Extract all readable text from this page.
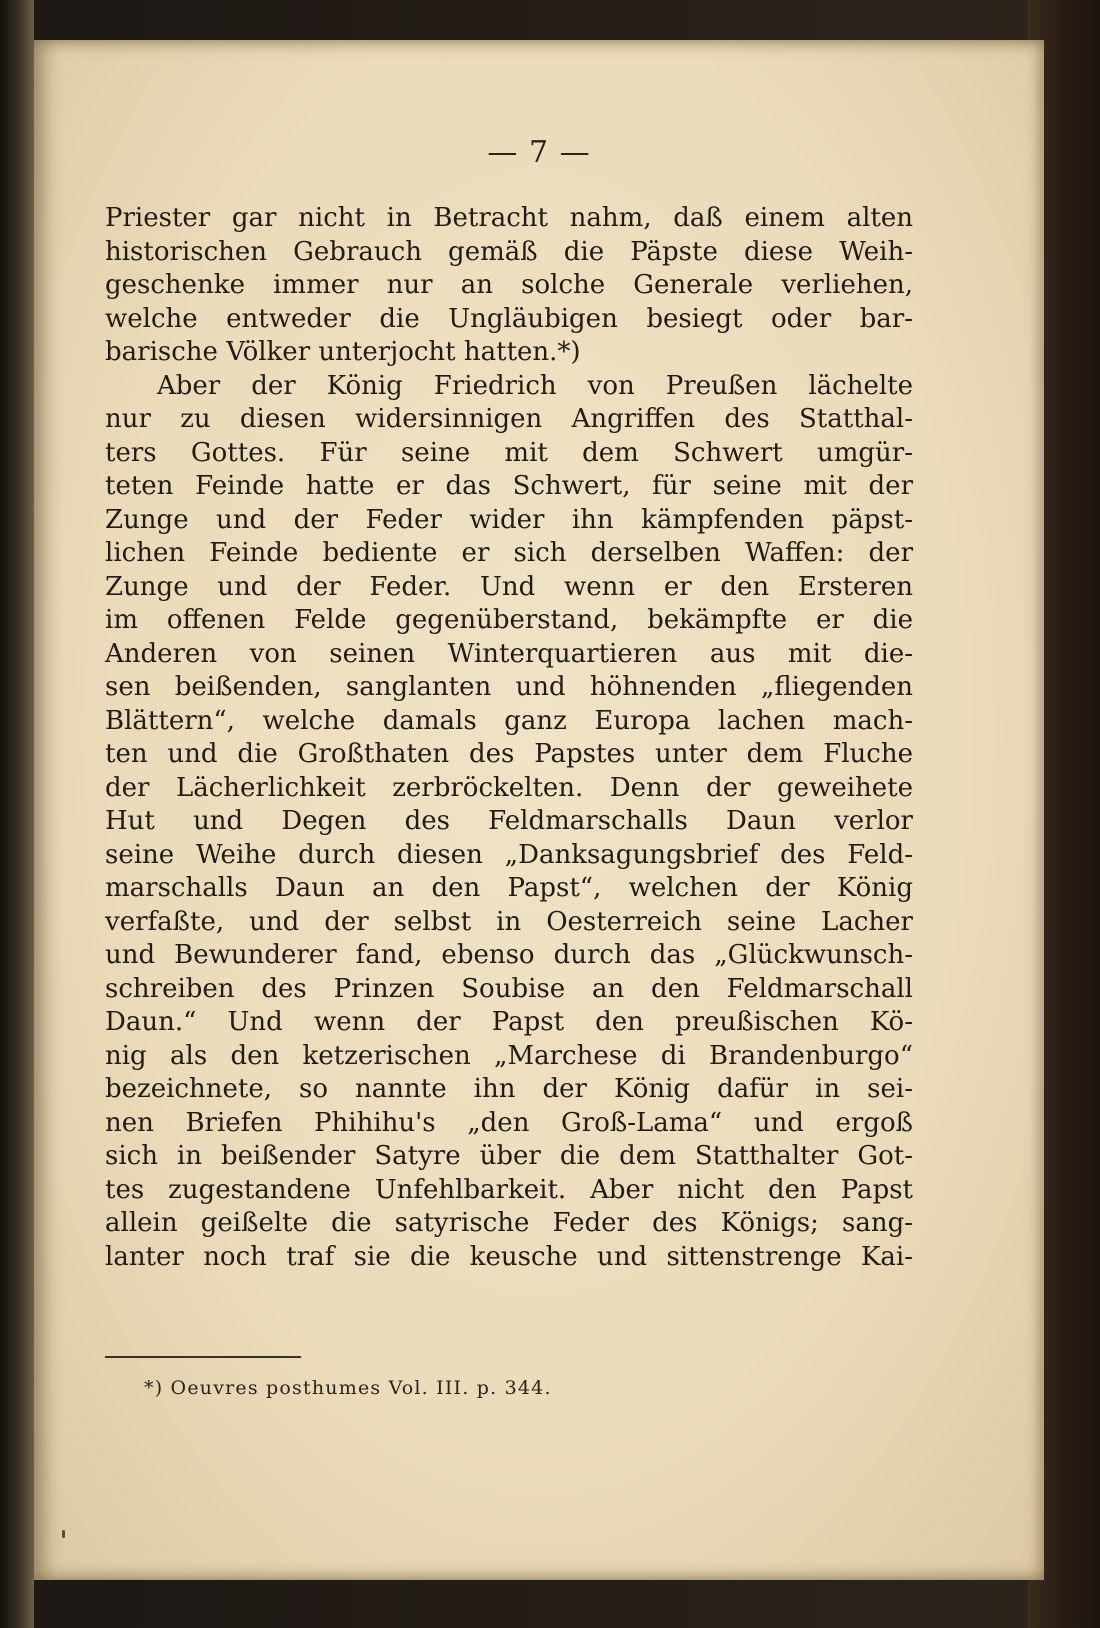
— 7 —
Priester gar nicht in Betracht nahm, daß einem alten
historischen Gebrauch gemäß die Päpste diese Weih-
geschenke immer nur an solche Generale verliehen,
welche entweder die Ungläubigen besiegt oder bar-
barische Völker unterjocht hatten.*)
Aber der König Friedrich von Preußen lächelte
nur zu diesen widersinnigen Angriffen des Statthal-
ters Gottes. Für seine mit dem Schwert umgür-
teten Feinde hatte er das Schwert, für seine mit der
Zunge und der Feder wider ihn kämpfenden päpst-
lichen Feinde bediente er sich derselben Waffen: der
Zunge und der Feder. Und wenn er den Ersteren
im offenen Felde gegenüberstand, bekämpfte er die
Anderen von seinen Winterquartieren aus mit die-
sen beißenden, sanglanten und höhnenden „fliegenden
Blättern“, welche damals ganz Europa lachen mach-
ten und die Großthaten des Papstes unter dem Fluche
der Lächerlichkeit zerbröckelten. Denn der geweihete
Hut und Degen des Feldmarschalls Daun verlor
seine Weihe durch diesen „Danksagungsbrief des Feld-
marschalls Daun an den Papst“, welchen der König
verfaßte, und der selbst in Oesterreich seine Lacher
und Bewunderer fand, ebenso durch das „Glückwunsch-
schreiben des Prinzen Soubise an den Feldmarschall
Daun.“ Und wenn der Papst den preußischen Kö-
nig als den ketzerischen „Marchese di Brandenburgo“
bezeichnete, so nannte ihn der König dafür in sei-
nen Briefen Phihihu's „den Groß-Lama“ und ergoß
sich in beißender Satyre über die dem Statthalter Got-
tes zugestandene Unfehlbarkeit. Aber nicht den Papst
allein geißelte die satyrische Feder des Königs; sang-
lanter noch traf sie die keusche und sittenstrenge Kai-
*) Oeuvres posthumes Vol. III. p. 344.
